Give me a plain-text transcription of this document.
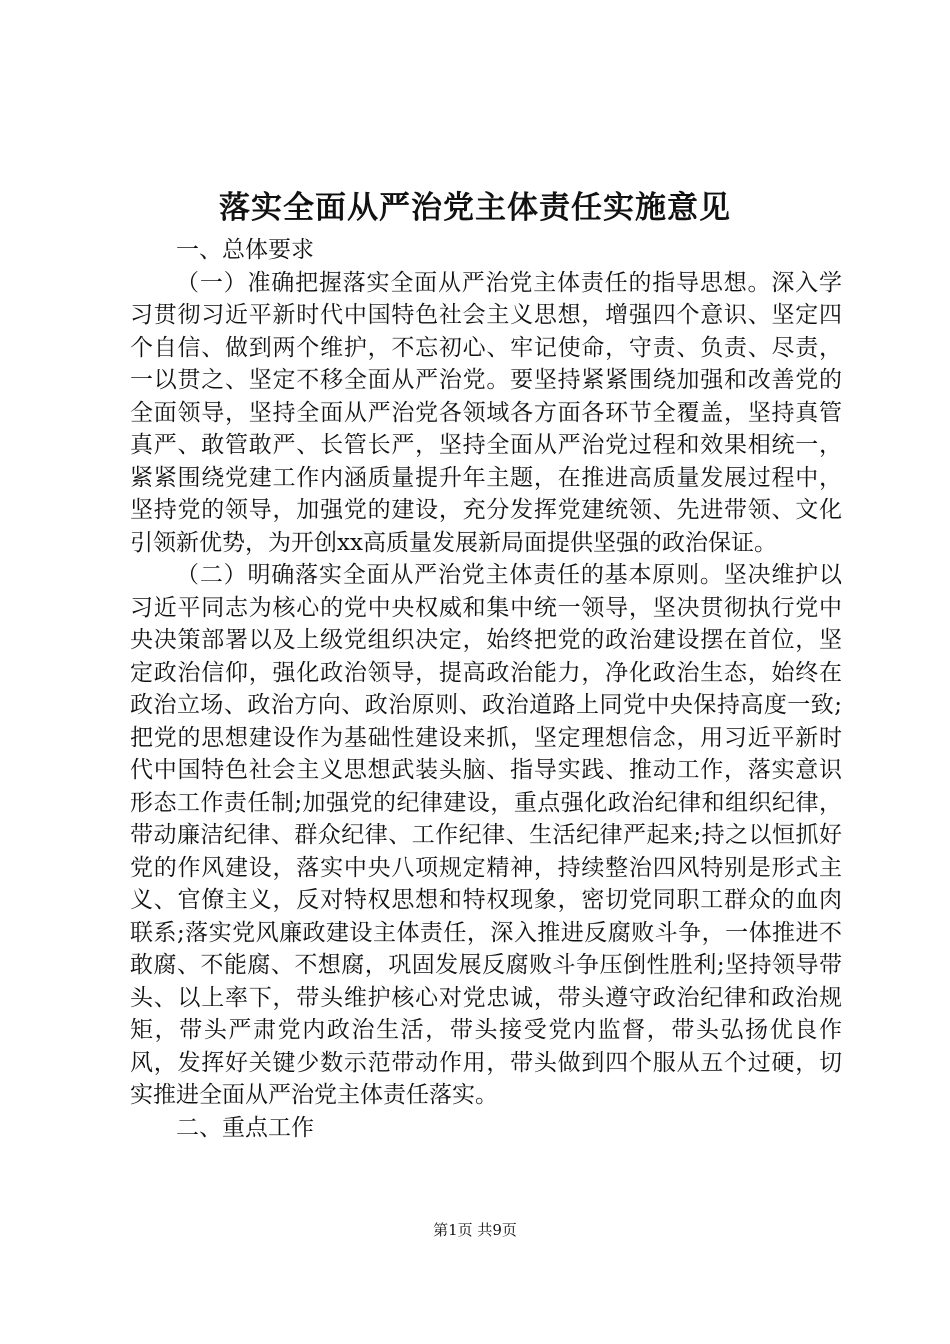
落实全面从严治党主体责任实施意见

一、总体要求

（一）准确把握落实全面从严治党主体责任的指导思想。深入学习贯彻习近平新时代中国特色社会主义思想，增强四个意识、坚定四个自信、做到两个维护，不忘初心、牢记使命，守责、负责、尽责，一以贯之、坚定不移全面从严治党。要坚持紧紧围绕加强和改善党的全面领导，坚持全面从严治党各领域各方面各环节全覆盖，坚持真管真严、敢管敢严、长管长严，坚持全面从严治党过程和效果相统一，紧紧围绕党建工作内涵质量提升年主题，在推进高质量发展过程中，坚持党的领导，加强党的建设，充分发挥党建统领、先进带领、文化引领新优势，为开创xx高质量发展新局面提供坚强的政治保证。

（二）明确落实全面从严治党主体责任的基本原则。坚决维护以习近平同志为核心的党中央权威和集中统一领导，坚决贯彻执行党中央决策部署以及上级党组织决定，始终把党的政治建设摆在首位，坚定政治信仰，强化政治领导，提高政治能力，净化政治生态，始终在政治立场、政治方向、政治原则、政治道路上同党中央保持高度一致;把党的思想建设作为基础性建设来抓，坚定理想信念，用习近平新时代中国特色社会主义思想武装头脑、指导实践、推动工作，落实意识形态工作责任制;加强党的纪律建设，重点强化政治纪律和组织纪律，带动廉洁纪律、群众纪律、工作纪律、生活纪律严起来;持之以恒抓好党的作风建设，落实中央八项规定精神，持续整治四风特别是形式主义、官僚主义，反对特权思想和特权现象，密切党同职工群众的血肉联系;落实党风廉政建设主体责任，深入推进反腐败斗争，一体推进不敢腐、不能腐、不想腐，巩固发展反腐败斗争压倒性胜利;坚持领导带头、以上率下，带头维护核心对党忠诚，带头遵守政治纪律和政治规矩，带头严肃党内政治生活，带头接受党内监督，带头弘扬优良作风，发挥好关键少数示范带动作用，带头做到四个服从五个过硬，切实推进全面从严治党主体责任落实。

二、重点工作

第1页 共9页
